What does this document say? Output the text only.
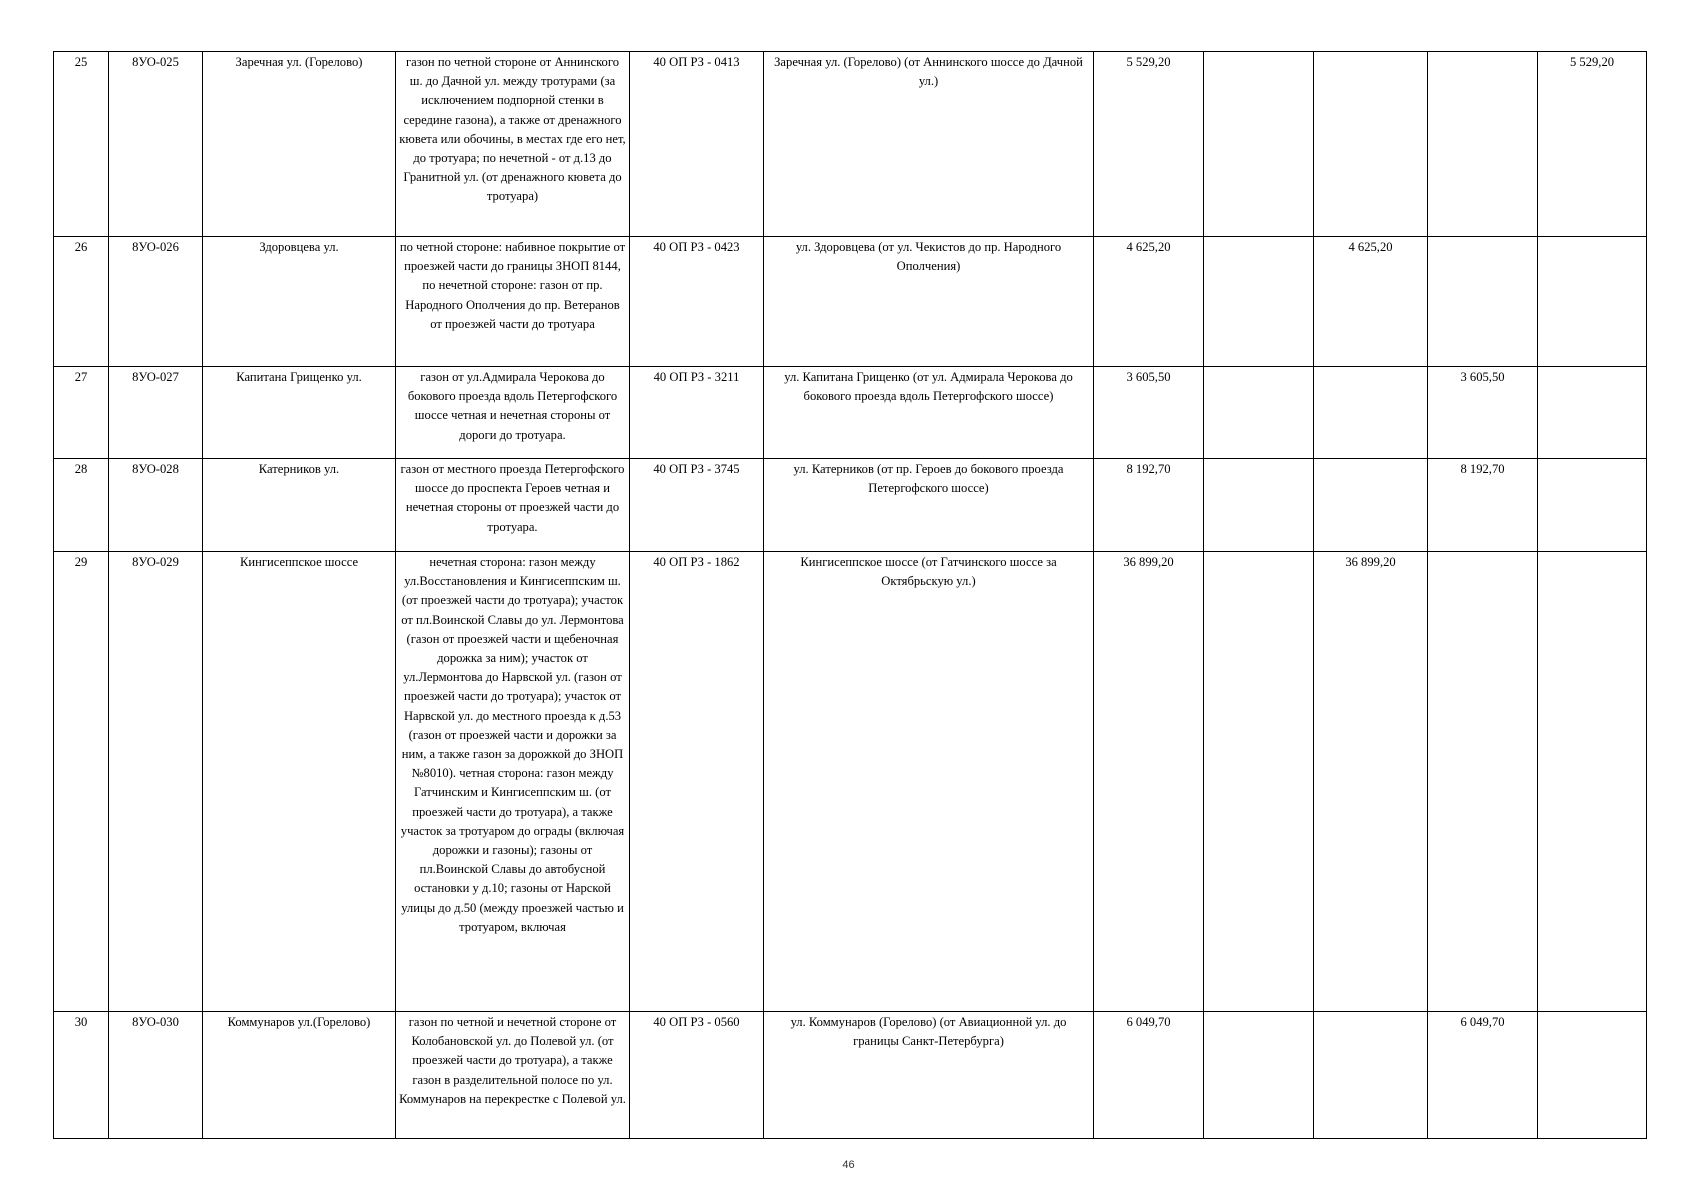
25	8УО-025	Заречная ул. (Горелово)	газон по четной стороне от Аннинского ш. до Дачной ул. между тротурами (за исключением подпорной стенки в середине газона), а также от дренажного кювета или обочины, в местах где его нет, до тротуара; по нечетной - от д.13 до Гранитной ул. (от дренажного кювета до тротуара)	40 ОП РЗ - 0413	Заречная ул. (Горелово) (от Аннинского шоссе до Дачной ул.)	5 529,20				5 529,20
26	8УО-026	Здоровцева ул.	по четной стороне: набивное покрытие от проезжей части до границы ЗНОП 8144, по нечетной стороне: газон от пр. Народного Ополчения до пр. Ветеранов от проезжей части до тротуара	40 ОП РЗ - 0423	ул. Здоровцева (от ул. Чекистов до пр. Народного Ополчения)	4 625,20		4 625,20		
27	8УО-027	Капитана Грищенко ул.	газон от ул.Адмирала Черокова до бокового проезда вдоль Петергофского шоссе четная и нечетная стороны от дороги до тротуара.	40 ОП РЗ - 3211	ул. Капитана Грищенко (от ул. Адмирала Черокова до бокового проезда вдоль Петергофского шоссе)	3 605,50			3 605,50	
28	8УО-028	Катерников ул.	газон от местного проезда Петергофского шоссе до проспекта Героев четная и нечетная стороны от проезжей части до тротуара.	40 ОП РЗ - 3745	ул. Катерников (от пр. Героев до бокового проезда Петергофского шоссе)	8 192,70			8 192,70	
29	8УО-029	Кингисеппское шоссе	нечетная сторона: газон между ул.Восстановления и Кингисеппским ш. (от проезжей части до тротуара); участок от пл.Воинской Славы до ул. Лермонтова (газон от проезжей части и щебеночная дорожка за ним); участок от ул.Лермонтова до Нарвской ул. (газон от проезжей части до тротуара); участок от Нарвской ул. до местного проезда к д.53 (газон от проезжей части и дорожки за ним, а также газон за дорожкой до ЗНОП №8010). четная сторона: газон между Гатчинским и Кингисеппским ш. (от проезжей части до тротуара), а также участок за тротуаром до ограды (включая дорожки и газоны); газоны от пл.Воинской Славы до автобусной остановки у д.10; газоны от Нарской улицы до д.50 (между проезжей частью и тротуаром, включая	40 ОП РЗ - 1862	Кингисеппское шоссе (от Гатчинского шоссе за Октябрьскую ул.)	36 899,20		36 899,20		
30	8УО-030	Коммунаров ул.(Горелово)	газон по четной и нечетной стороне от Колобановской ул. до Полевой ул. (от проезжей части до тротуара), а также газон в разделительной полосе по ул. Коммунаров на перекрестке с Полевой ул.	40 ОП РЗ - 0560	ул. Коммунаров (Горелово) (от Авиационной ул. до границы Санкт-Петербурга)	6 049,70			6 049,70	
46
